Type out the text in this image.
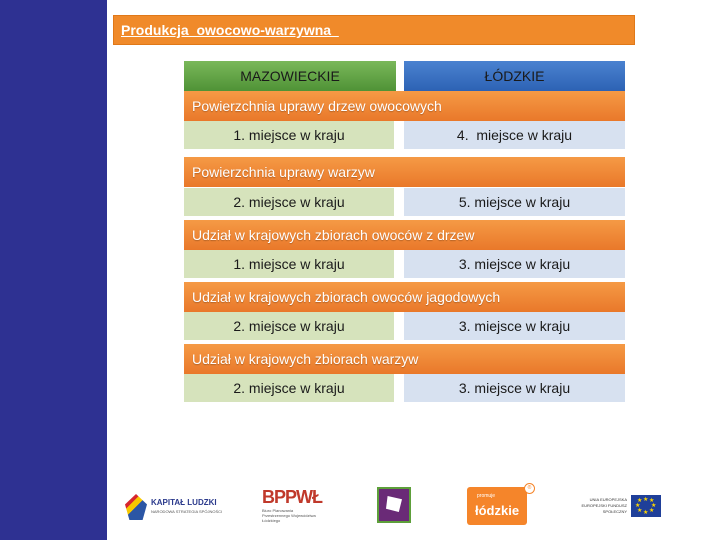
Produkcja  owocowo-warzywna
MAZOWIECKIE	ŁÓDZKIE
Powierzchnia uprawy drzew owocowych
1. miejsce w kraju	4.  miejsce w kraju
Powierzchnia uprawy warzyw
2. miejsce w kraju	5. miejsce w kraju
Udział w krajowych zbiorach owoców z drzew
1. miejsce w kraju	3. miejsce w kraju
Udział w krajowych zbiorach owoców jagodowych
2. miejsce w kraju	3. miejsce w kraju
Udział w krajowych zbiorach warzyw
2. miejsce w kraju	3. miejsce w kraju
KAPITAŁ LUDZKI
NARODOWA STRATEGIA SPÓJNOŚCI
BPPWŁ
Biuro Planowania Przestrzennego Województwa Łódzkiego
promuje
łódzkie
®
UNIA EUROPEJSKA EUROPEJSKI FUNDUSZ SPOŁECZNY
★
★
★ ★
★ ★
★ ★
